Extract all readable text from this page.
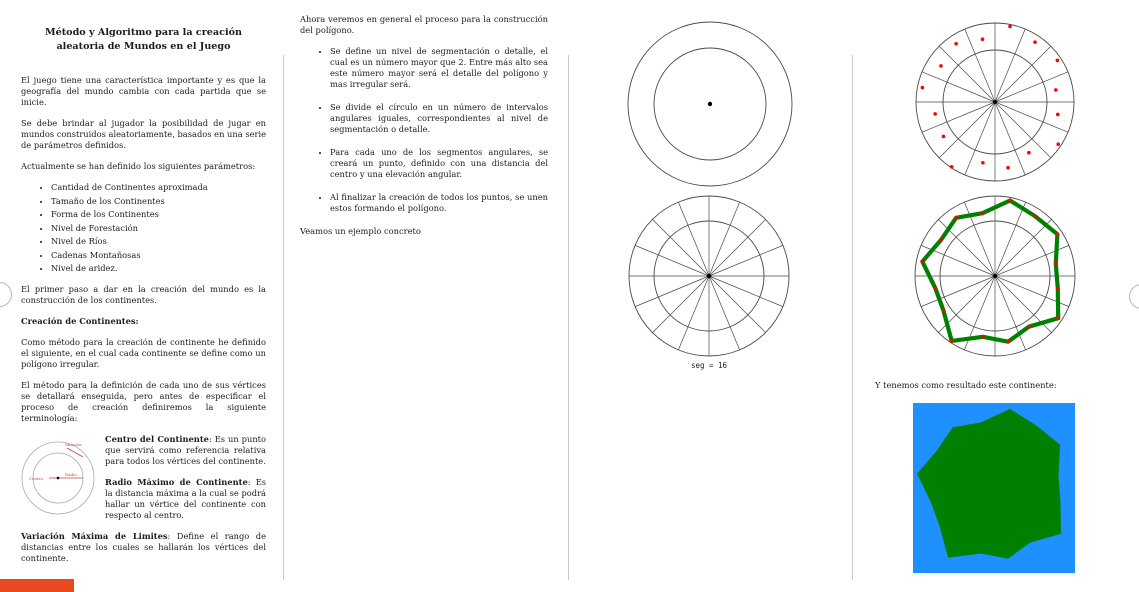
Método y Algoritmo para la creación aleatoria de Mundos en el Juego

El juego tiene una característica importante y es que la geografía del mundo cambia con cada partida que se inicie.

Se debe brindar al jugador la posibilidad de jugar en mundos construidos aleatoriamente, basados en una serie de parámetros definidos.

Actualmente se han definido los siguientes parámetros:

• Cantidad de Continentes aproximada
• Tamaño de los Continentes
• Forma de los Continentes
• Nivel de Forestación
• Nivel de Ríos
• Cadenas Montañosas
• Nivel de aridez.

El primer paso a dar en la creación del mundo es la construcción de los continentes.

Creación de Continentes:

Como método para la creación de continente he definido el siguiente, en el cual cada continente se define como un polígono irregular.

El método para la definición de cada uno de sus vértices se detallará enseguida, pero antes de especificar el proceso de creación definiremos la siguiente terminología:

Centro
Radio
Variación

Centro del Continente: Es un punto que servirá como referencia relativa para todos los vértices del continente.

Radio Máximo de Continente: Es la distancia máxima a la cual se podrá hallar un vértice del continente con respecto al centro.

Variación Máxima de Limites: Define el rango de distancias entre los cuales se hallarán los vértices del continente.

Ahora veremos en general el proceso para la construcción del polígono.

• Se define un nivel de segmentación o detalle, el cual es un número mayor que 2. Entre más alto sea este número mayor será el detalle del polígono y mas irregular será.
• Se divide el círculo en un número de intervalos angulares iguales, correspondientes al nivel de segmentación o detalle.
• Para cada uno de los segmentos angulares, se creará un punto, definido con una distancia del centro y una elevación angular.
• Al finalizar la creación de todos los puntos, se unen estos formando el polígono.

Veamos un ejemplo concreto

seg = 16
Y tenemos como resultado este continente:
